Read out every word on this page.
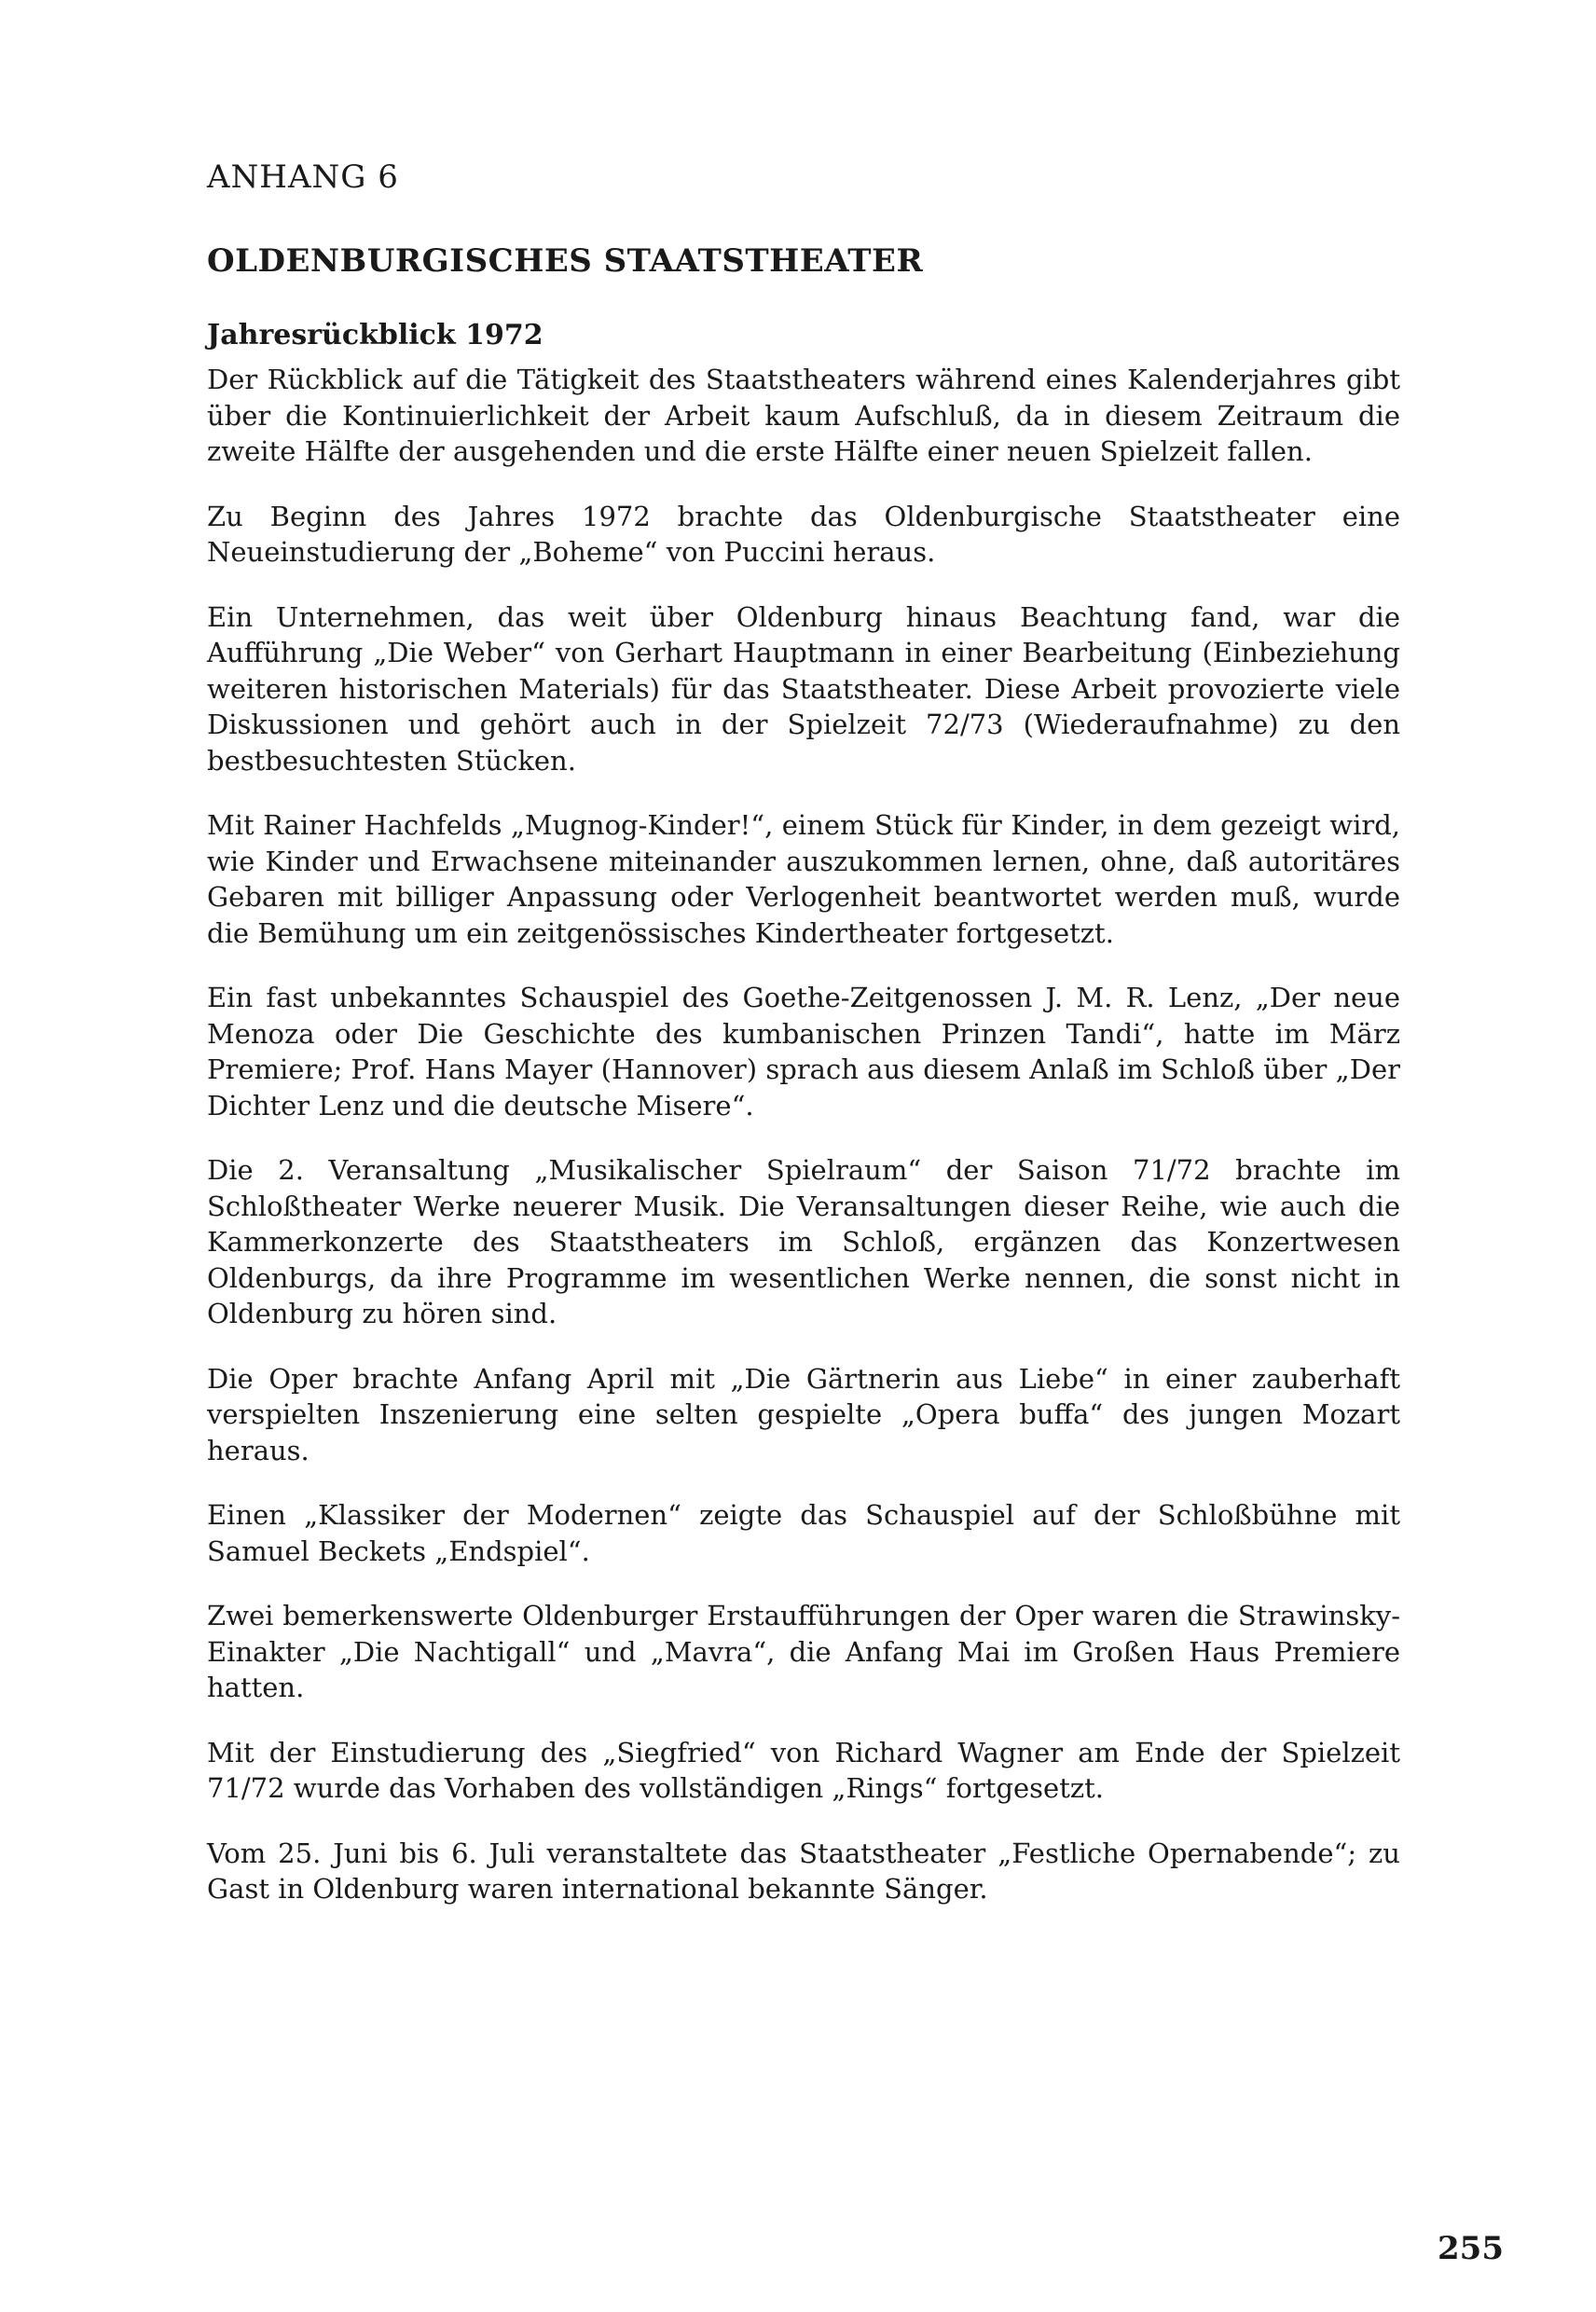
ANHANG 6

OLDENBURGISCHES STAATSTHEATER
Jahresrückblick 1972

Der Rückblick auf die Tätigkeit des Staatstheaters während eines Kalenderjahres gibt über die Kontinuierlichkeit der Arbeit kaum Aufschluß, da in diesem Zeitraum die zweite Hälfte der ausgehenden und die erste Hälfte einer neuen Spielzeit fallen.

Zu Beginn des Jahres 1972 brachte das Oldenburgische Staatstheater eine Neueinstudierung der „Boheme“ von Puccini heraus.

Ein Unternehmen, das weit über Oldenburg hinaus Beachtung fand, war die Aufführung „Die Weber“ von Gerhart Hauptmann in einer Bearbeitung (Einbeziehung weiteren historischen Materials) für das Staatstheater. Diese Arbeit provozierte viele Diskussionen und gehört auch in der Spielzeit 72/73 (Wiederaufnahme) zu den bestbesuchtesten Stücken.

Mit Rainer Hachfelds „Mugnog-Kinder!“, einem Stück für Kinder, in dem gezeigt wird, wie Kinder und Erwachsene miteinander auszukommen lernen, ohne, daß autoritäres Gebaren mit billiger Anpassung oder Verlogenheit beantwortet werden muß, wurde die Bemühung um ein zeitgenössisches Kindertheater fortgesetzt.

Ein fast unbekanntes Schauspiel des Goethe-Zeitgenossen J. M. R. Lenz, „Der neue Menoza oder Die Geschichte des kumbanischen Prinzen Tandi“, hatte im März Premiere; Prof. Hans Mayer (Hannover) sprach aus diesem Anlaß im Schloß über „Der Dichter Lenz und die deutsche Misere“.

Die 2. Veransaltung „Musikalischer Spielraum“ der Saison 71/72 brachte im Schloßtheater Werke neuerer Musik. Die Veransaltungen dieser Reihe, wie auch die Kammerkonzerte des Staatstheaters im Schloß, ergänzen das Konzertwesen Oldenburgs, da ihre Programme im wesentlichen Werke nennen, die sonst nicht in Oldenburg zu hören sind.

Die Oper brachte Anfang April mit „Die Gärtnerin aus Liebe“ in einer zauberhaft verspielten Inszenierung eine selten gespielte „Opera buffa“ des jungen Mozart heraus.

Einen „Klassiker der Modernen“ zeigte das Schauspiel auf der Schloßbühne mit Samuel Beckets „Endspiel“.

Zwei bemerkenswerte Oldenburger Erstaufführungen der Oper waren die Strawinsky-Einakter „Die Nachtigall“ und „Mavra“, die Anfang Mai im Großen Haus Premiere hatten.

Mit der Einstudierung des „Siegfried“ von Richard Wagner am Ende der Spielzeit 71/72 wurde das Vorhaben des vollständigen „Rings“ fortgesetzt.

Vom 25. Juni bis 6. Juli veranstaltete das Staatstheater „Festliche Opernabende“; zu Gast in Oldenburg waren international bekannte Sänger.

255
